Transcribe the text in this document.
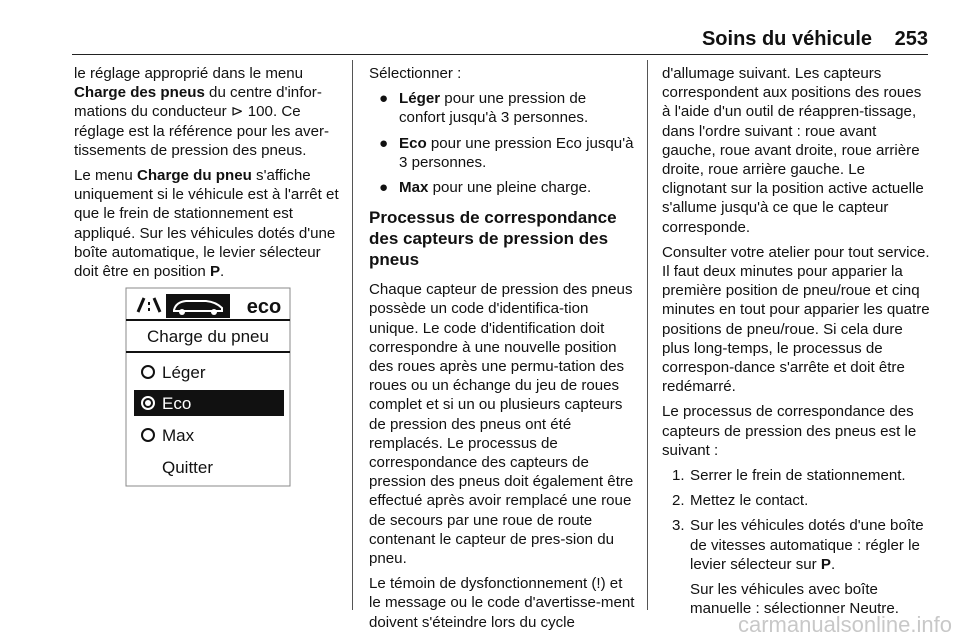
Soins du véhicule 253

le réglage approprié dans le menu Charge des pneus du centre d'infor-mations du conducteur ⊳ 100. Ce réglage est la référence pour les aver-tissements de pression des pneus.

Le menu Charge du pneu s'affiche uniquement si le véhicule est à l'arrêt et que le frein de stationnement est appliqué. Sur les véhicules dotés d'une boîte automatique, le levier sélecteur doit être en position P.

eco
Charge du pneu
Léger
Eco
Max
Quitter

Sélectionner :

● Léger pour une pression de confort jusqu'à 3 personnes.
● Eco pour une pression Eco jusqu'à 3 personnes.
● Max pour une pleine charge.
Processus de correspondance des capteurs de pression des pneus

Chaque capteur de pression des pneus possède un code d'identifica-tion unique. Le code d'identification doit correspondre à une nouvelle position des roues après une permu-tation des roues ou un échange du jeu de roues complet et si un ou plusieurs capteurs de pression des pneus ont été remplacés. Le processus de correspondance des capteurs de pression des pneus doit également être effectué après avoir remplacé une roue de secours par une roue de route contenant le capteur de pres-sion du pneu.

Le témoin de dysfonctionnement (!) et le message ou le code d'avertisse-ment doivent s'éteindre lors du cycle

d'allumage suivant. Les capteurs correspondent aux positions des roues à l'aide d'un outil de réappren-tissage, dans l'ordre suivant : roue avant gauche, roue avant droite, roue arrière droite, roue arrière gauche. Le clignotant sur la position active actuelle s'allume jusqu'à ce que le capteur corresponde.

Consulter votre atelier pour tout service. Il faut deux minutes pour apparier la première position de pneu/roue et cinq minutes en tout pour apparier les quatre positions de pneu/roue. Si cela dure plus long-temps, le processus de correspon-dance s'arrête et doit être redémarré.

Le processus de correspondance des capteurs de pression des pneus est le suivant :

1. Serrer le frein de stationnement.
2. Mettez le contact.
3. Sur les véhicules dotés d'une boîte de vitesses automatique : régler le levier sélecteur sur P.
Sur les véhicules avec boîte manuelle : sélectionner Neutre.
carmanualsonline.info
